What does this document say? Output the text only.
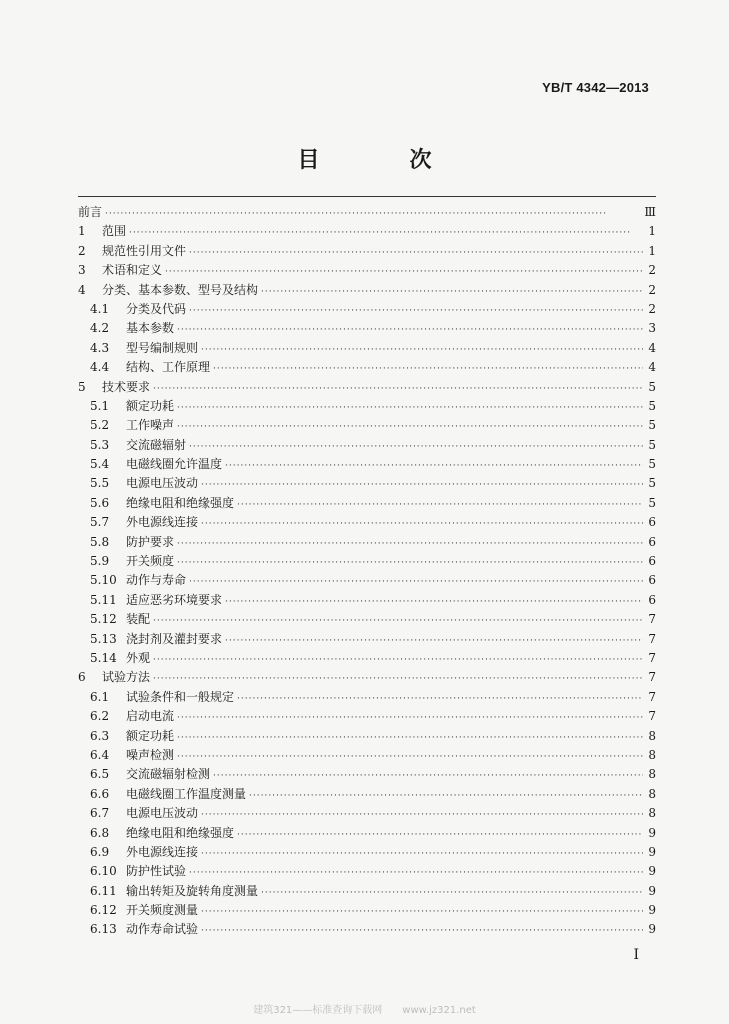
YB/T 4342—2013
目　次
前言 ·····	Ⅲ
1	范围 ·····	1
2	规范性引用文件 ·····	1
3	术语和定义 ·····	2
4	分类、基本参数、型号及结构 ·····	2
4.1	分类及代码 ·····	2
4.2	基本参数 ·····	3
4.3	型号编制规则 ·····	4
4.4	结构、工作原理 ·····	4
5	技术要求 ·····	5
5.1	额定功耗 ·····	5
5.2	工作噪声 ·····	5
5.3	交流磁辐射 ·····	5
5.4	电磁线圈允许温度 ·····	5
5.5	电源电压波动 ·····	5
5.6	绝缘电阻和绝缘强度 ·····	5
5.7	外电源线连接 ·····	6
5.8	防护要求 ·····	6
5.9	开关频度 ·····	6
5.10 动作与寿命 ·····	6
5.11 适应恶劣环境要求 ·····	6
5.12 装配 ·····	7
5.13 浇封剂及灌封要求 ·····	7
5.14 外观 ·····	7
6	试验方法 ·····	7
6.1	试验条件和一般规定 ·····	7
6.2	启动电流 ·····	7
6.3	额定功耗 ·····	8
6.4	噪声检测 ·····	8
6.5	交流磁辐射检测 ·····	8
6.6	电磁线圈工作温度测量 ·····	8
6.7	电源电压波动 ·····	8
6.8	绝缘电阻和绝缘强度 ·····	9
6.9	外电源线连接 ·····	9
6.10 防护性试验 ·····	9
6.11 输出转矩及旋转角度测量 ·····	9
6.12 开关频度测量 ·····	9
6.13 动作寿命试验 ·····	9
I
建筑321——标准查询下载网　　www.jz321.net
